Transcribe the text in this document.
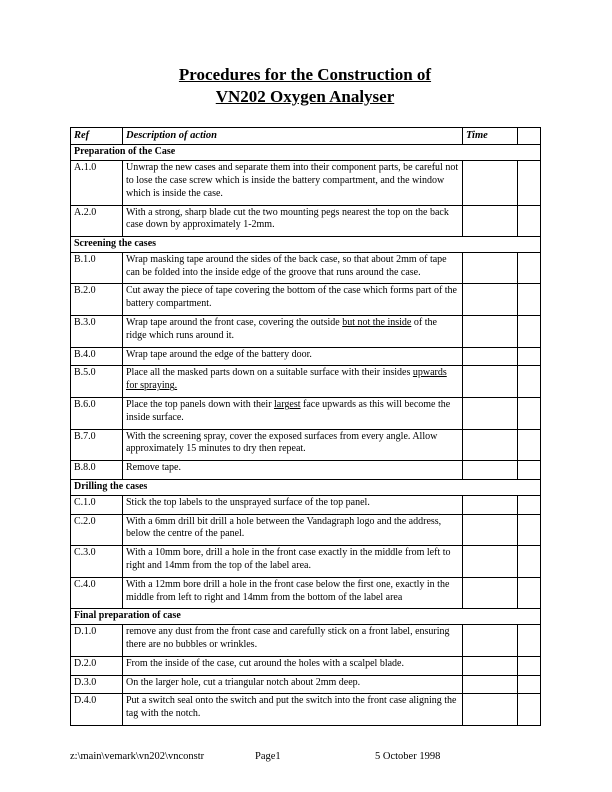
Procedures for the Construction of
VN202 Oxygen Analyser
Ref	Description of action	Time	
Preparation of the Case			
A.1.0	Unwrap the new cases and separate them into their component parts, be careful not to lose the case screw which is inside the battery compartment, and the window which is inside the case.		
A.2.0	With a strong, sharp blade cut the two mounting pegs nearest the top on the back case down by approximately 1-2mm.		
Screening the cases			
B.1.0	Wrap masking tape around the sides of the back case, so that about 2mm of tape can be folded into the inside edge of the groove that runs around the case.		
B.2.0	Cut away the piece of tape covering the bottom of the case which forms part of the battery compartment.		
B.3.0	Wrap tape around the front case, covering the outside but not the inside of the ridge which runs around it.		
B.4.0	Wrap tape around the edge of the battery door.		
B.5.0	Place all the masked parts down on a suitable surface with their insides upwards for spraying.		
B.6.0	Place the top panels down with their largest face upwards as this will become the inside surface.		
B.7.0	With the screening spray, cover the exposed surfaces from every angle. Allow approximately 15 minutes to dry then repeat.		
B.8.0	Remove tape.		
Drilling the cases			
C.1.0	Stick the top labels to the unsprayed surface of the top panel.		
C.2.0	With a 6mm drill bit drill a hole between the Vandagraph logo and the address, below the centre of the panel.		
C.3.0	With a 10mm bore, drill a hole in the front case exactly in the middle from left to right and 14mm from the top of the label area.		
C.4.0	With a 12mm bore drill a hole in the front case below the first one, exactly in the middle from left to right and 14mm from the bottom of the label area		
Final preparation of case			
D.1.0	remove any dust from the front case and carefully stick on a front label, ensuring there are no bubbles or wrinkles.		
D.2.0	From the inside of the case, cut around the holes with a scalpel blade.		
D.3.0	On the larger hole, cut a triangular notch about 2mm deep.		
D.4.0	Put a switch seal onto the switch and put the switch into the front case aligning the tag with the notch.		
z:\main\vemark\vn202\vnconstr	Page1	5 October 1998
